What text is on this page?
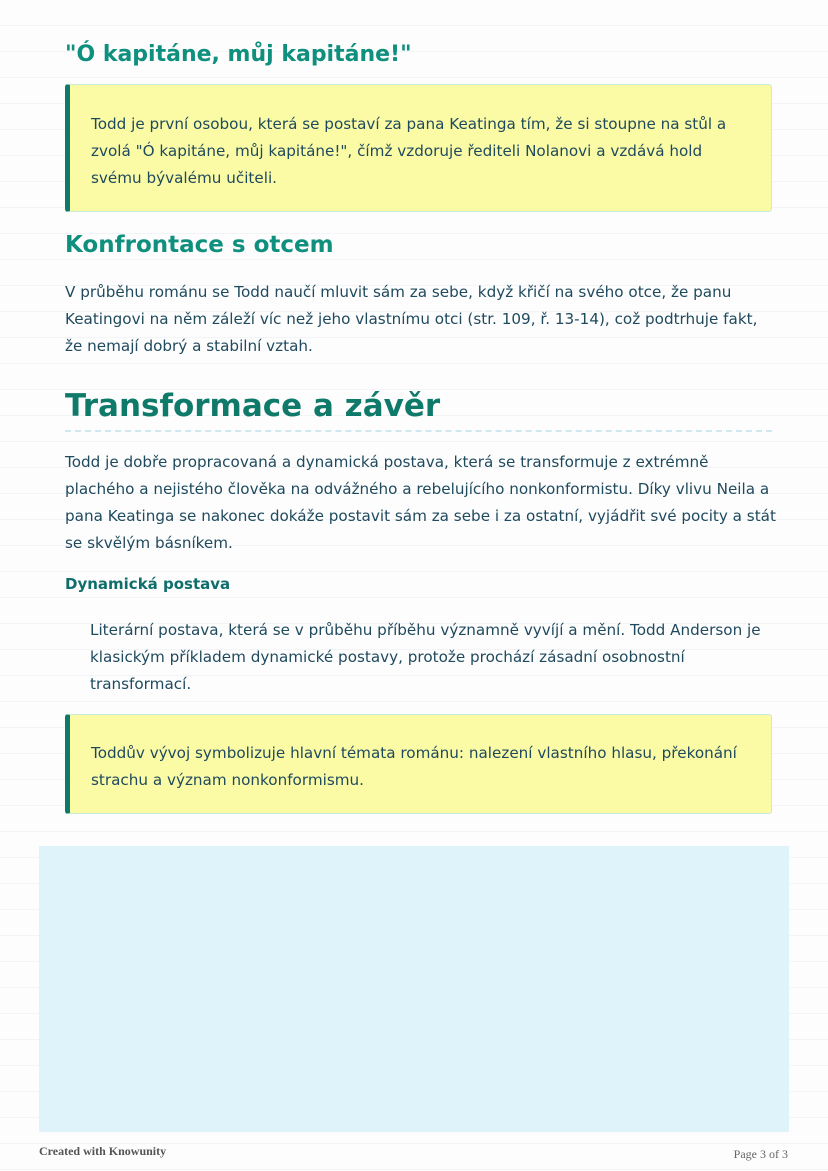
"Ó kapitáne, můj kapitáne!"

Todd je první osobou, která se postaví za pana Keatinga tím, že si stoupne na stůl a zvolá "Ó kapitáne, můj kapitáne!", čímž vzdoruje řediteli Nolanovi a vzdává hold svému bývalému učiteli.

Konfrontace s otcem

V průběhu románu se Todd naučí mluvit sám za sebe, když křičí na svého otce, že panu Keatingovi na něm záleží víc než jeho vlastnímu otci (str. 109, ř. 13-14), což podtrhuje fakt, že nemají dobrý a stabilní vztah.

Transformace a závěr

Todd je dobře propracovaná a dynamická postava, která se transformuje z extrémně plachého a nejistého člověka na odvážného a rebelujícího nonkonformistu. Díky vlivu Neila a pana Keatinga se nakonec dokáže postavit sám za sebe i za ostatní, vyjádřit své pocity a stát se skvělým básníkem.

Dynamická postava

Literární postava, která se v průběhu příběhu významně vyvíjí a mění. Todd Anderson je klasickým příkladem dynamické postavy, protože prochází zásadní osobnostní transformací.

Toddův vývoj symbolizuje hlavní témata románu: nalezení vlastního hlasu, překonání strachu a význam nonkonformismu.

Created with Knowunity	Page 3 of 3
